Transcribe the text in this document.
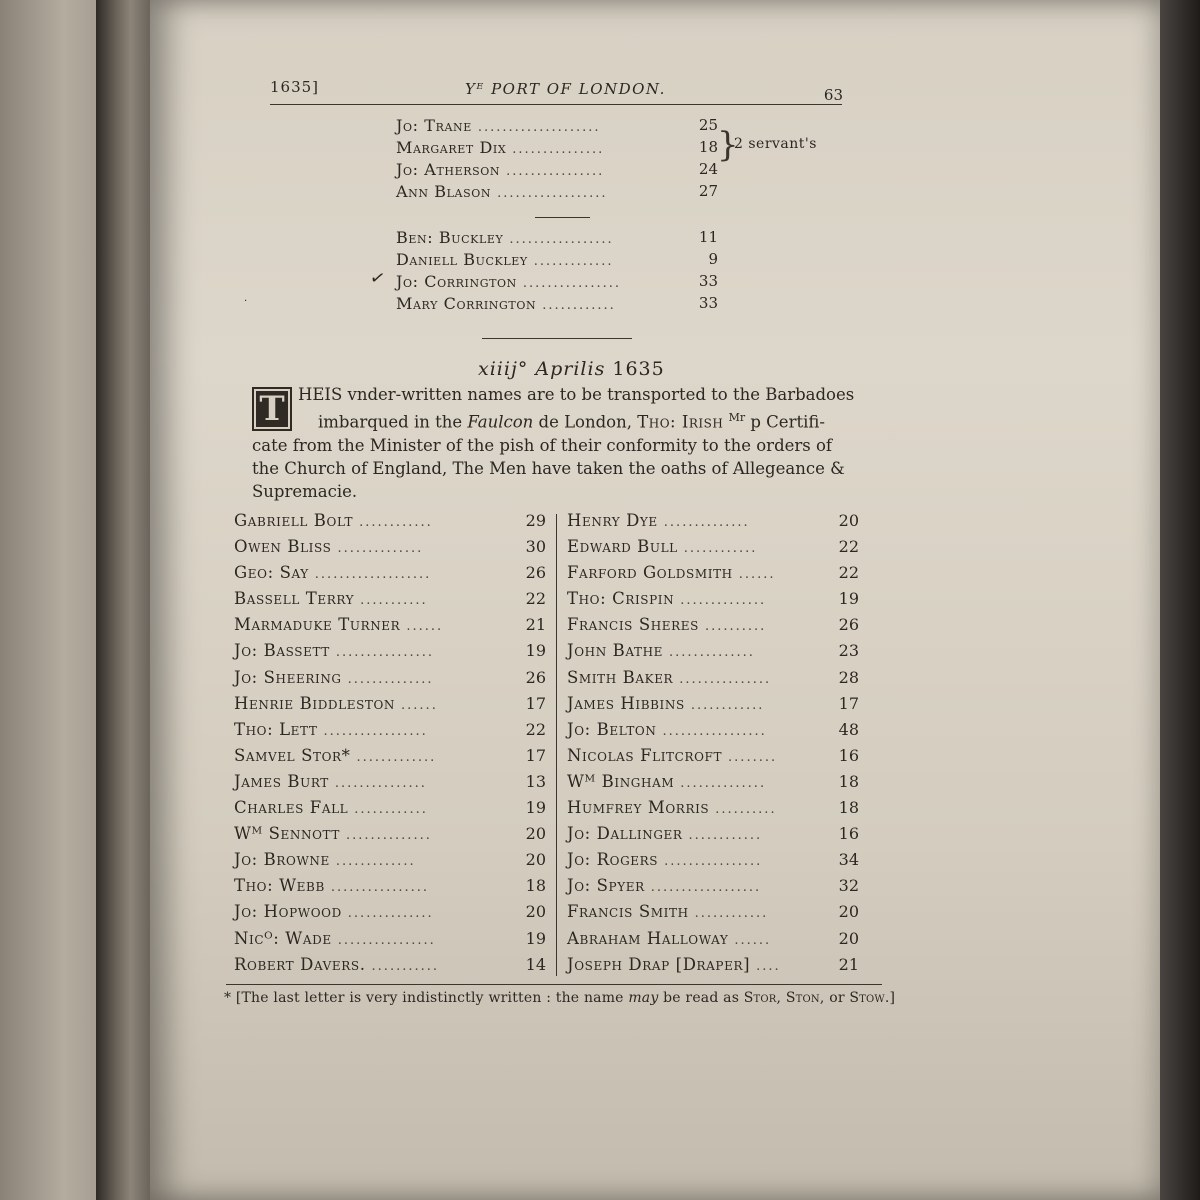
1635]	Yᴱ PORT OF LONDON.	63
Jo: Trane ....................	25
Margaret Dix ...............	18
Jo: Atherson ................	24
Ann Blason ..................	27
}
2 servant's
Ben: Buckley .................	11
Daniell Buckley .............	9
Jo: Corrington ................	33
Mary Corrington ............	33
✓
·
xiiij° Aprilis 1635
T HEIS vnder-written names are to be transported to the Barbadoes
imbarqued in the Faulcon de London, Tho: Irish $^{Mr}$ p Certifi-
cate from the Minister of the pish of their conformity to the orders of
the Church of England, The Men have taken the oaths of Allegeance &
Supremacie.
Gabriell Bolt ............	29
Owen Bliss ..............	30
Geo: Say ...................	26
Bassell Terry ...........	22
Marmaduke Turner ......	21
Jo: Bassett ................	19
Jo: Sheering ..............	26
Henrie Biddleston ......	17
Tho: Lett .................	22
Samvel Stor* .............	17
James Burt ...............	13
Charles Fall ............	19
Wᴹ Sennott ..............	20
Jo: Browne .............	20
Tho: Webb ................	18
Jo: Hopwood ..............	20
Nicᴼ: Wade ................	19
Robert Davers. ...........	14
Henry Dye ..............	20
Edward Bull ............	22
Farford Goldsmith ......	22
Tho: Crispin ..............	19
Francis Sheres ..........	26
John Bathe ..............	23
Smith Baker ...............	28
James Hibbins ............	17
Jo: Belton .................	48
Nicolas Flitcroft ........	16
Wᴹ Bingham ..............	18
Humfrey Morris ..........	18
Jo: Dallinger ............	16
Jo: Rogers ................	34
Jo: Spyer ..................	32
Francis Smith ............	20
Abraham Halloway ......	20
Joseph Drap [Draper] ....	21
* [The last letter is very indistinctly written : the name may be read as Stor, Ston, or Stow.]
